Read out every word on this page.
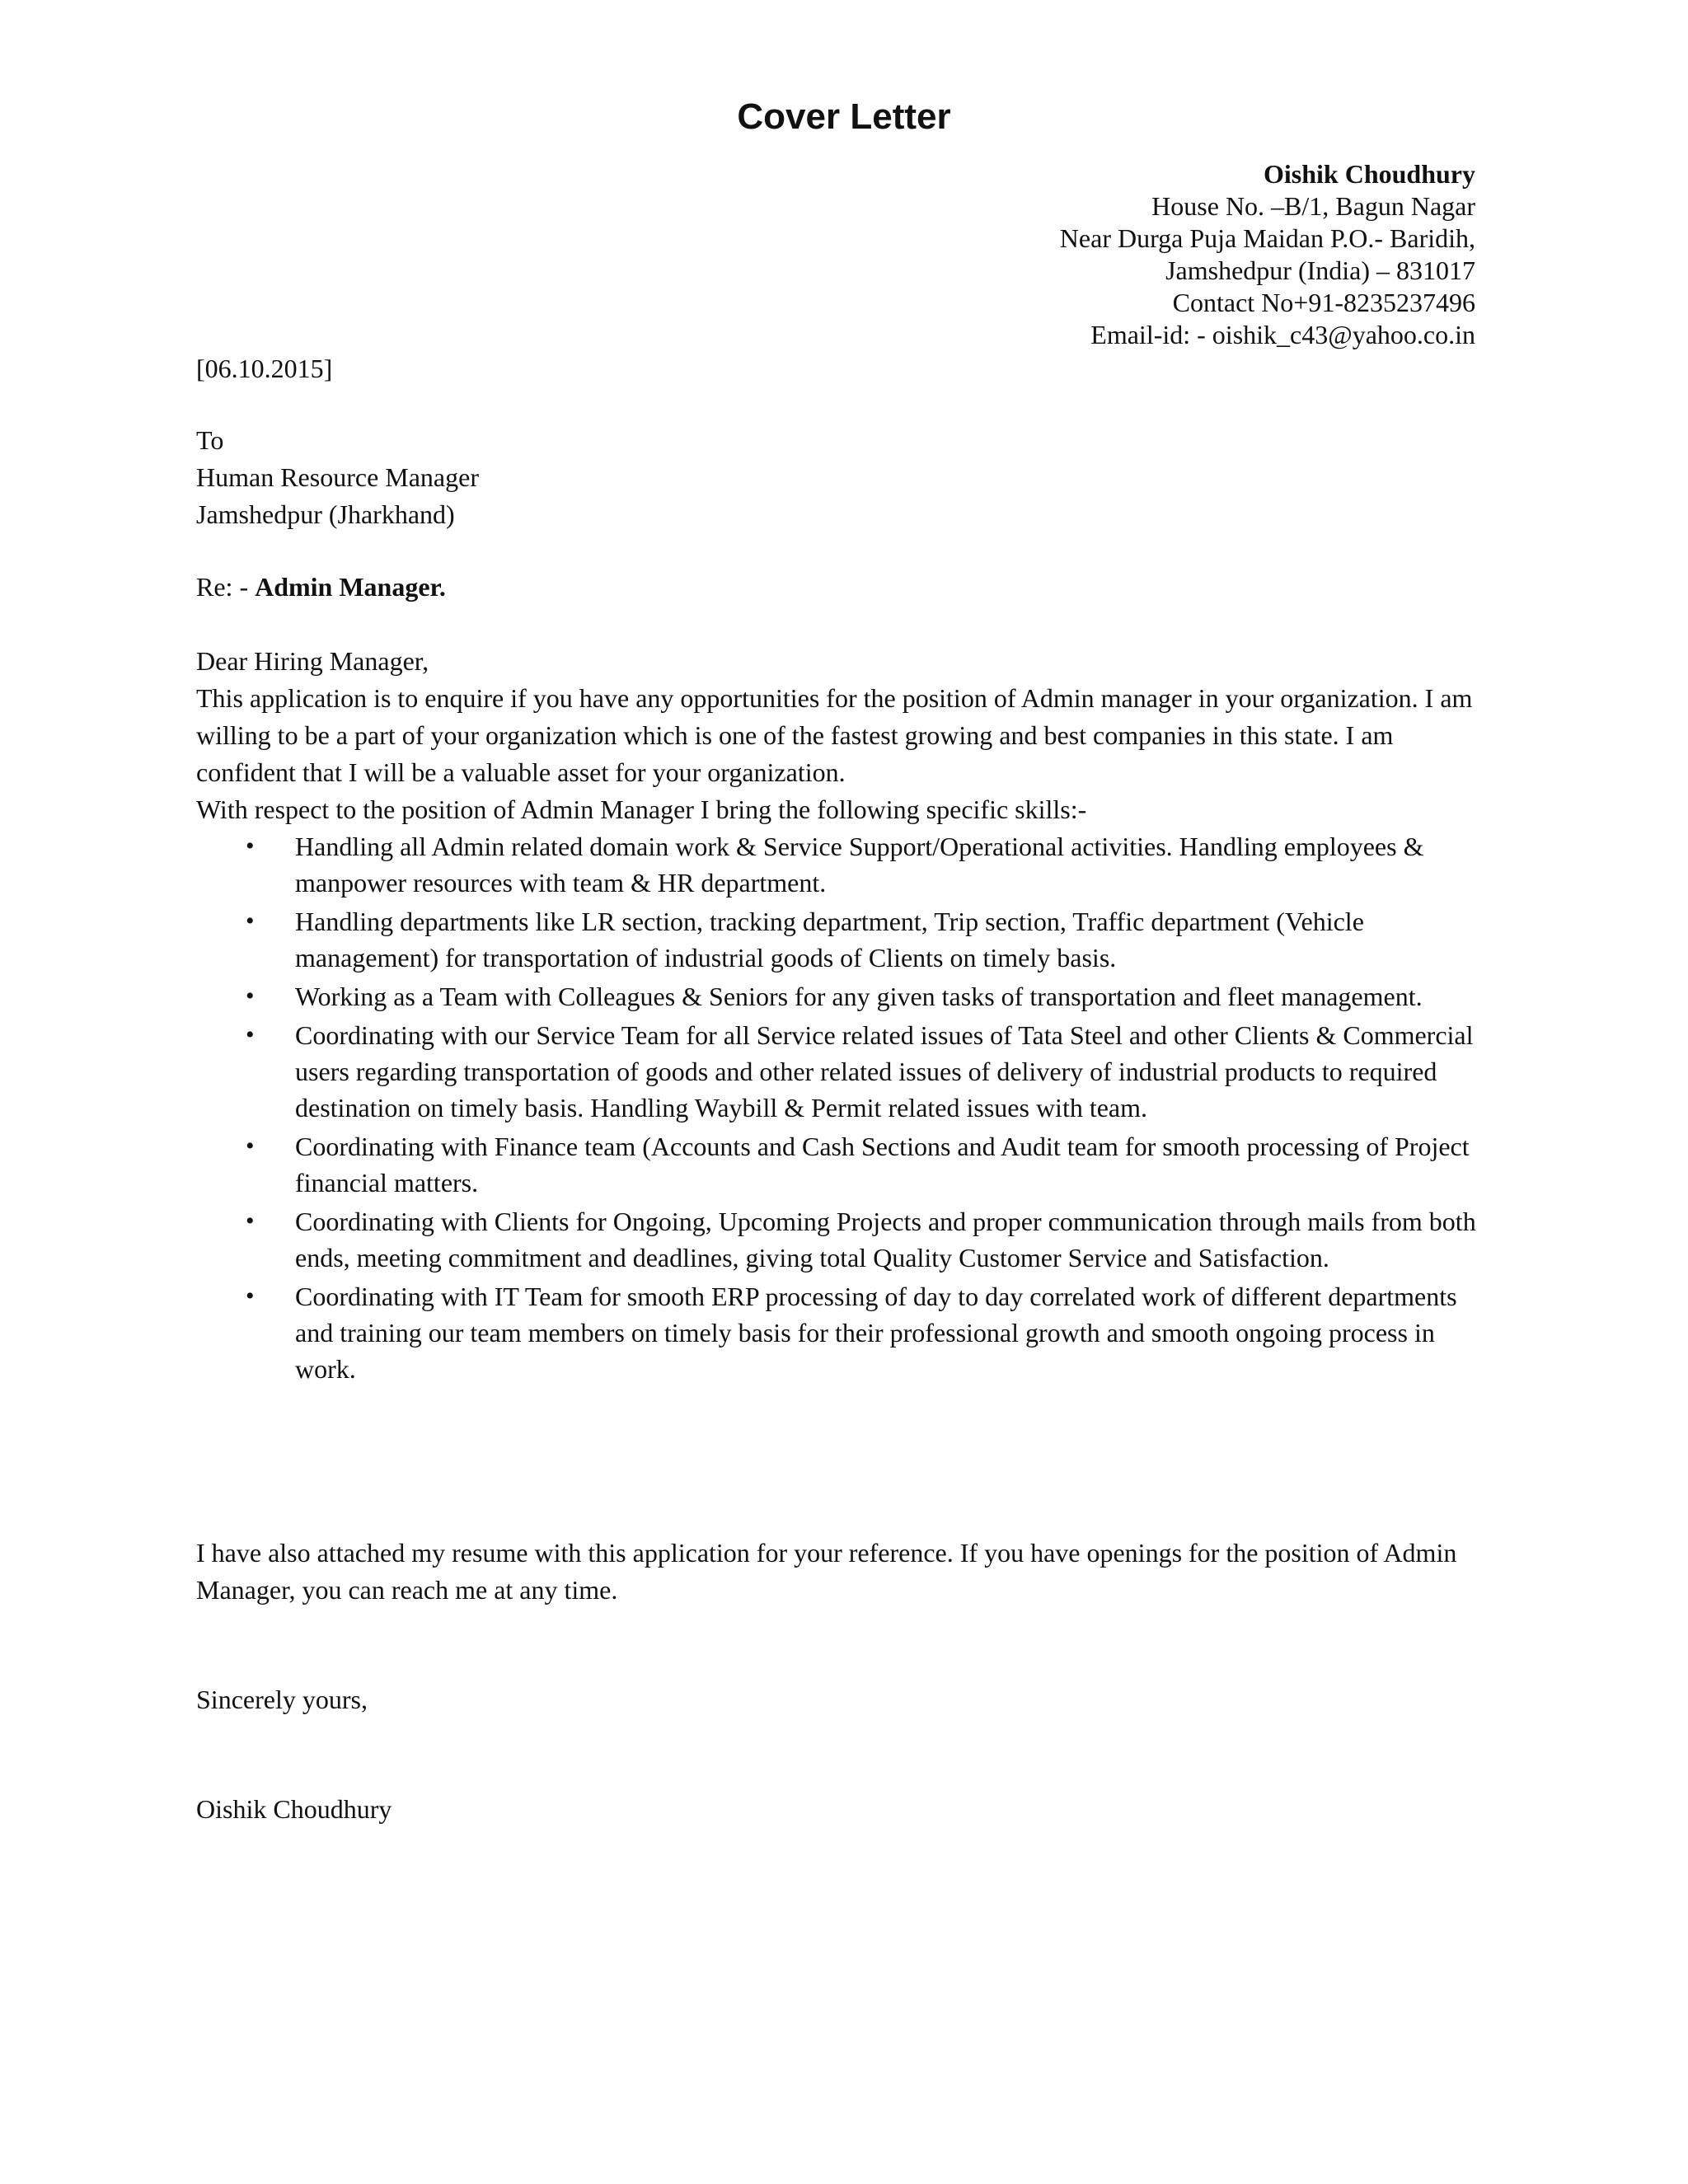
Cover Letter
Oishik Choudhury
House No. –B/1, Bagun Nagar
Near Durga Puja Maidan P.O.- Baridih,
Jamshedpur (India) – 831017
Contact No+91-8235237496
Email-id: - oishik_c43@yahoo.co.in
[06.10.2015]
To
Human Resource Manager
Jamshedpur (Jharkhand)
Re: - Admin Manager.
Dear Hiring Manager,

This application is to enquire if you have any opportunities for the position of Admin manager in your organization. I am willing to be a part of your organization which is one of the fastest growing and best companies in this state. I am confident that I will be a valuable asset for your organization.

With respect to the position of Admin Manager I bring the following specific skills:-

• Handling all Admin related domain work & Service Support/Operational activities. Handling employees & manpower resources with team & HR department.
• Handling departments like LR section, tracking department, Trip section, Traffic department (Vehicle management) for transportation of industrial goods of Clients on timely basis.
• Working as a Team with Colleagues & Seniors for any given tasks of transportation and fleet management.
• Coordinating with our Service Team for all Service related issues of Tata Steel and other Clients & Commercial users regarding transportation of goods and other related issues of delivery of industrial products to required destination on timely basis. Handling Waybill & Permit related issues with team.
• Coordinating with Finance team (Accounts and Cash Sections and Audit team for smooth processing of Project financial matters.
• Coordinating with Clients for Ongoing, Upcoming Projects and proper communication through mails from both ends, meeting commitment and deadlines, giving total Quality Customer Service and Satisfaction.
• Coordinating with IT Team for smooth ERP processing of day to day correlated work of different departments and training our team members on timely basis for their professional growth and smooth ongoing process in work.
I have also attached my resume with this application for your reference. If you have openings for the position of Admin Manager, you can reach me at any time.
Sincerely yours,
Oishik Choudhury
